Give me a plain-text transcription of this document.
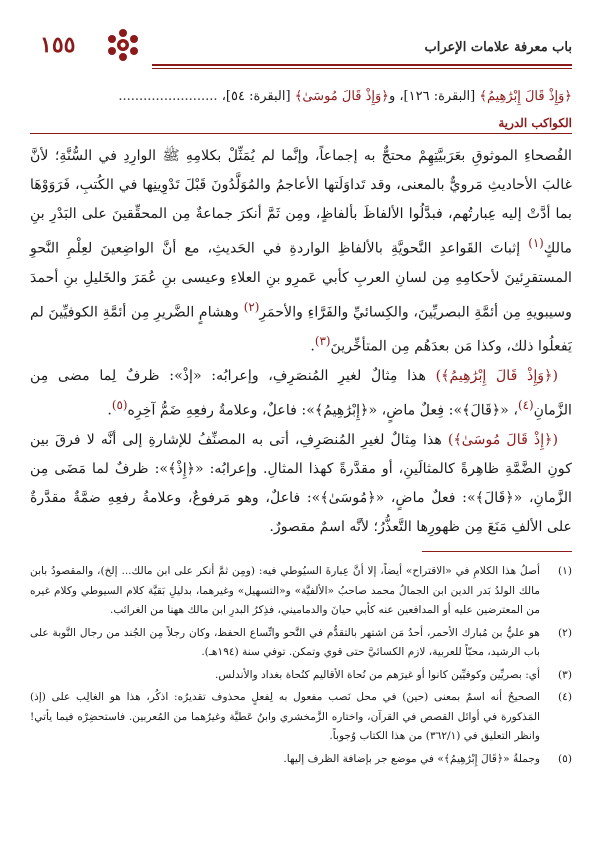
باب معرفة علامات الإعراب
١٥٥
﴿وَإِذْ قَالَ إِبْرَٰهِيمُ﴾ [البقرة: ١٢٦]، و﴿وَإِذْ قَالَ مُوسَىٰ﴾ [البقرة: ٥٤]، ........................
الكواكب الدرية

الفُصحاءِ الموثوقِ بعَرَبيَّتِهِمْ محتجٌّ به إجماعاً، وإنَّما لم يُمَثِّلْ بكلامِهِ ﷺ الوارِدِ في السُّنَّةِ؛ لأنَّ غالبَ الأحاديثِ مَرويٌّ بالمعنى، وقد تَداوَلَتها الأعاجمُ والمُوَلَّدُونَ قَبْلَ تَدْوِينِها في الكُتبِ، فَرَوَوْهَا بما أدَّتْ إليه عِبارتُهم، فبدَّلُوا الألفاظَ بألفاظٍ، ومِن ثَمَّ أنكرَ جماعةٌ مِن المحقِّقينَ على البَدْرِ بنِ مالكٍ$^{(١)}$ إثباتَ القَواعدِ النَّحويَّةِ بالألفاظِ الواردةِ في الحَديثِ، مع أنَّ الواضِعينَ لعِلْمِ النَّحوِ المستقرِئينَ لأحكامِهِ مِن لسانِ العربِ كأبي عَمرِو بنِ العلاءِ وعيسى بنِ عُمَرَ والخَليلِ بنِ أحمدَ وسيبويهِ مِن أئمَّةِ البصريِّينَ، والكِسائيِّ والفَرَّاءِ والأحمَرِ$^{(٢)}$ وهشامٍ الضَّريرِ مِن أئمَّةِ الكوفيِّينَ لم يَفعلُوا ذلك، وكذا مَن بعدَهُم مِن المتأخِّرينَ$^{(٣)}$.

(﴿وَإِذْ قَالَ إِبْرَٰهِيمُ﴾) هذا مِثالٌ لغيرِ المُنصَرِفِ، وإعرابُه: «إذْ»: ظرفٌ لِما مضى مِن الزَّمانِ$^{(٤)}$، «﴿قَالَ﴾»: فِعلٌ ماضٍ، «﴿إِبْرَٰهِيمُ﴾»: فاعلٌ، وعلامةُ رفعِهِ ضَمُّ آخِرِه$^{(٥)}$.

(﴿إِذْ قَالَ مُوسَىٰ﴾) هذا مِثالٌ لغيرِ المُنصَرِفِ، أتى به المصنِّفُ للإشارةِ إلى أنَّه لا فرقَ بين كونِ الضَّمَّةِ ظاهِرةً كالمثالَينِ، أو مقدَّرةً كهذا المثالِ. وإعرابُه: «﴿إِذْ﴾»: ظرفٌ لما مَضَى مِن الزَّمانِ، «﴿قَالَ﴾»: فعلٌ ماضٍ، «﴿مُوسَىٰ﴾»: فاعلٌ، وهو مَرفوعٌ، وعلامةُ رفعِهِ ضمَّةٌ مقدَّرةٌ على الألفِ مَنَعَ مِن ظهورِها التَّعذُّرُ؛ لأنَّه اسمٌ مقصورٌ.

(١)
أصلُ هذا الكلامِ في «الاقتراح» أيضاً، إلا أنَّ عِبارةَ السيُوطي فيه: (ومِن ثمَّ أنكر على ابن مالك... إلخ)، والمقصودُ بابن مالك الولدُ بَدر الدين ابن الجمالُ محمد صاحبُ «الألفيَّة» و«التسهيل» وغيرهما، بدليلِ بَقيَّة كلام السيوطي وكلام غيره من المعترضين عليه أو المدافعين عنه كأبي حيانَ والدماميني، فذِكرُ البدرِ ابن مالك ههنا من الغرائب.
(٢)
هو عليُّ بن مُبارك الأحمر، أحدُ مَن اشتهر بالتقدُّم في النَّحو واتِّساع الحفظ، وكان رجلاً مِن الجُند من رجال النَّوبة على باب الرشيد، محبّاً للعربية، لازم الكسائيَّ حتى قوي وتمكن. توفي سنة (١٩٤هـ).
(٣)
أي: بصريِّين وكوفيِّين كانوا أو غيرَهم من نُحاة الأقاليم كنُحاة بغداد والأندلس.
(٤)
الصحيحُ أنه اسمٌ بمعنى (حين) في محل نَصب مفعول به لِفعلٍ محذوف تقديرُه: اذكُر، هذا هو الغالِب على (إذ) المَذكورة في أوائل القصص في القرآن، واختاره الزَّمخشري وابنُ عَطيَّة وغيرُهما من المُعربين. فاستحضِرْه فيما يأتي! وانظر التعليق في (٣٦٢/١) من هذا الكتاب وُجوباً.
(٥)
وجملةُ «﴿قَالَ إِبْرَٰهِيمُ﴾» في موضع جر بإضافة الظرف إليها.
